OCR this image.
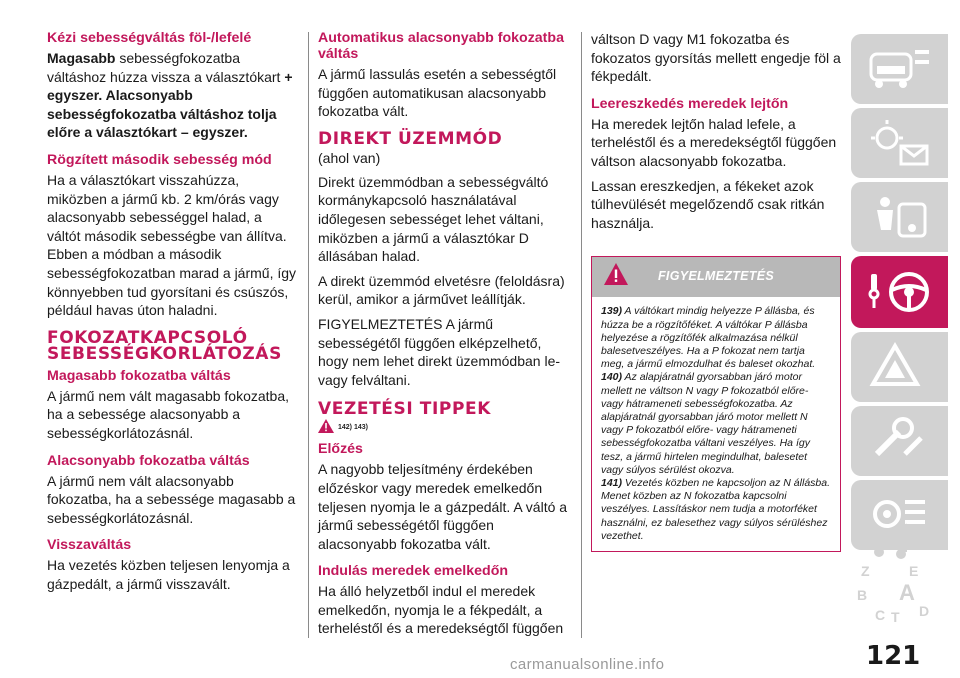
Kézi sebességváltás föl-/lefelé
Magasabb sebességfokozatba váltáshoz húzza vissza a választókart + egyszer. Alacsonyabb sebességfokozatba váltáshoz tolja előre a választókart – egyszer.
Rögzített második sebesség mód
Ha a választókart visszahúzza, miközben a jármű kb. 2 km/órás vagy alacsonyabb sebességgel halad, a váltót második sebességbe van állítva. Ebben a módban a második sebességfokozatban marad a jármű, így könnyebben tud gyorsítani és csúszós, például havas úton haladni.
FOKOZATKAPCSOLÓ SEBESSÉGKORLÁTOZÁS
Magasabb fokozatba váltás
A jármű nem vált magasabb fokozatba, ha a sebessége alacsonyabb a sebességkorlátozásnál.
Alacsonyabb fokozatba váltás
A jármű nem vált alacsonyabb fokozatba, ha a sebessége magasabb a sebességkorlátozásnál.
Visszaváltás
Ha vezetés közben teljesen lenyomja a gázpedált, a jármű visszavált.
Automatikus alacsonyabb fokozatba váltás
A jármű lassulás esetén a sebességtől függően automatikusan alacsonyabb fokozatba vált.
DIREKT ÜZEMMÓD
(ahol van)
Direkt üzemmódban a sebességváltó kormánykapcsoló használatával időlegesen sebességet lehet váltani, miközben a jármű a választókar D állásában halad.
A direkt üzemmód elvetésre (feloldásra) kerül, amikor a járművet leállítják.
FIGYELMEZTETÉS A jármű sebességétől függően elképzelhető, hogy nem lehet direkt üzemmódban le-vagy felváltani.
VEZETÉSI TIPPEK
142) 143)
Előzés
A nagyobb teljesítmény érdekében előzéskor vagy meredek emelkedőn teljesen nyomja le a gázpedált. A váltó a jármű sebességétől függően alacsonyabb fokozatba vált.
Indulás meredek emelkedőn
Ha álló helyzetből indul el meredek emelkedőn, nyomja le a fékpedált, a terheléstől és a meredekségtől függően
váltson D vagy M1 fokozatba és fokozatos gyorsítás mellett engedje föl a fékpedált.
Leereszkedés meredek lejtőn
Ha meredek lejtőn halad lefele, a terheléstől és a meredekségtől függően váltson alacsonyabb fokozatba.
Lassan ereszkedjen, a fékeket azok túlhevülését megelőzendő csak ritkán használja.
FIGYELMEZTETÉS

139) A váltókart mindig helyezze P állásba, és húzza be a rögzítőféket. A váltókar P állásba helyezése a rögzítőfék alkalmazása nélkül balesetveszélyes. Ha a P fokozat nem tartja meg, a jármű elmozdulhat és baleset okozhat.

140) Az alapjáratnál gyorsabban járó motor mellett ne váltson N vagy P fokozatból előre- vagy hátrameneti sebességfokozatba. Az alapjáratnál gyorsabban járó motor mellett N vagy P fokozatból előre- vagy hátrameneti sebességfokozatba váltani veszélyes. Ha így tesz, a jármű hirtelen megindulhat, balesetet vagy súlyos sérülést okozva.

141) Vezetés közben ne kapcsoljon az N állásba. Menet közben az N fokozatba kapcsolni veszélyes. Lassításkor nem tudja a motorféket használni, ez balesethez vagy súlyos sérüléshez vezethet.

Z	E
B A
C T D
121
carmanualsonline.info
